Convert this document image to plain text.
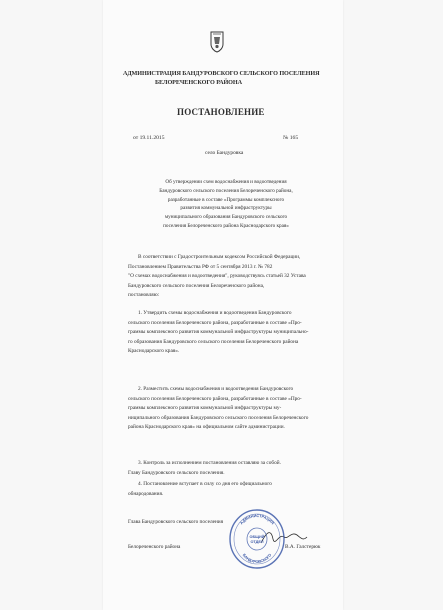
АДМИНИСТРАЦИЯ БАНДУРОВСКОГО СЕЛЬСКОГО ПОСЕЛЕНИЯ
БЕЛОРЕЧЕНСКОГО РАЙОНА
ПОСТАНОВЛЕНИЕ
от 19.11.2015	№ 165
село Бандуровка
Об утверждении схем водоснабжения и водоотведения
Бандуровского сельского поселения Белореченского района,
разработанные в составе «Программы комплексного
развития коммунальной инфраструктуры
муниципального образования Бандуровского сельского
поселения Белореченского района Краснодарского края»
В соответствии с Градостроительным кодексом Российской Федерации,
Постановлением Правительства РФ от 5 сентября 2013 г. № 782
"О схемах водоснабжения и водоотведения", руководствуясь статьей 32 Устава
Бандуровского сельского поселения Белореченского района,
постановляю:
1. Утвердить схемы водоснабжения и водоотведения Бандуровского
сельского поселения Белореченского района, разработанные в составе «Про-
граммы комплексного развития коммунальной инфраструктуры муниципально-
го образования Бандуровского сельского поселения Белореченского района
Краснодарского края».
2. Разместить схемы водоснабжения и водоотведения Бандуровского
сельского поселения Белореченского района, разработанные в составе «Про-
граммы комплексного развития коммунальной инфраструктуры му-
ниципального образования Бандуровского сельского поселения Белореченского
района Краснодарского края» на официальном сайте администрации.
3. Контроль за исполнением постановления оставляю за собой.
Главу Бандуровского сельского поселения.
4. Постановление вступает в силу со дня его официального
обнародования.
Глава Бандуровского сельского поселения
Белореченского района	В.А. Галстерюк
АДМИНИСТРАЦИЯ
БАНДУРОВСКОГО
ОБЩИЙ
ОТДЕЛ
